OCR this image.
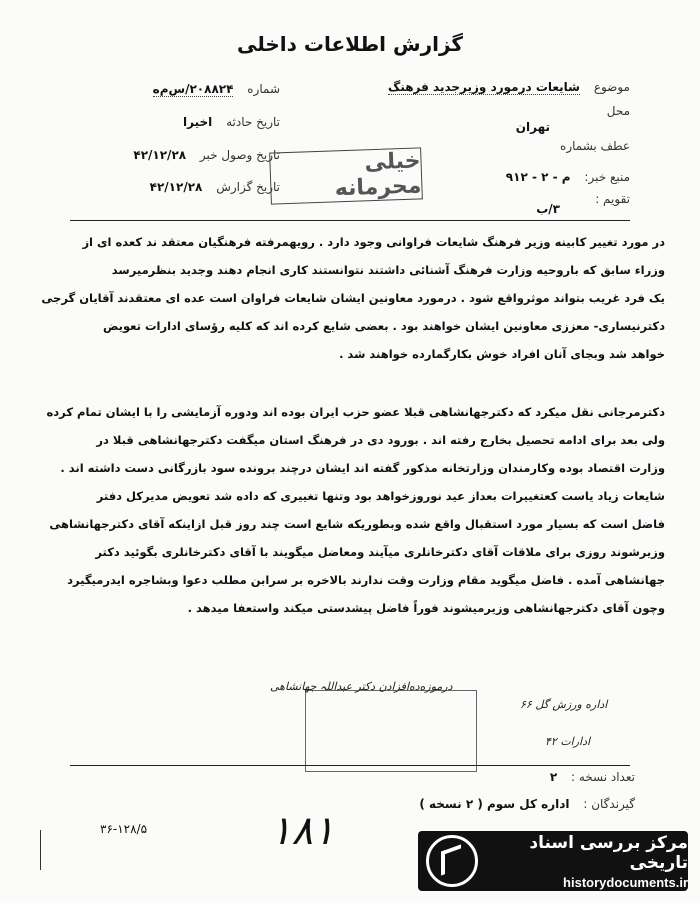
گزارش اطلاعات داخلی
موضوع شایعات درمورد وزیرجدید فرهنگ
محل
تهران
عطف بشماره
منبع خبر: م - ۲ - ۹۱۲
تقویم :
۳/ب
شماره ۲۰۸۸۲۴/س‌م‌ه
تاریخ حادثه اخیرا
تاریخ وصول خبر ۴۲/۱۲/۲۸
تاریخ گزارش ۴۲/۱۲/۲۸
خیلی محرمانه

در مورد تغییر کابینه وزیر فرهنگ شایعات فراوانی وجود دارد . رویهمرفته فرهنگیان معتقد ند کعده ای از

وزراء سابق که باروحیه وزارت فرهنگ آشنائی داشتند نتوانستند کاری انجام دهند وجدید بنظرمیرسد

یک فرد غریب بتواند موثرواقع شود . درمورد معاونین ایشان شایعات فراوان است عده ای معتقدند آقایان گرجی

دکترنیساری- معززی معاونین ایشان خواهند بود . بعضی شایع کرده اند که کلیه رؤسای ادارات تعویض

خواهد شد وبجای آنان افراد خوش بکارگمارده خواهند شد .

دکترمرجانی نقل میکرد که دکترجهانشاهی قبلا عضو حزب ایران بوده اند ودوره آزمایشی را با ایشان تمام کرده

ولی بعد برای ادامه تحصیل بخارج رفته اند . بورود دی در فرهنگ استان میگفت دکترجهانشاهی قبلا در

وزارت اقتصاد بوده وکارمندان وزارتخانه مذکور گفته اند ایشان درچند برونده سود بازرگانی دست داشته اند .

شایعات زیاد یاست کعتغییرات بعداز عید نوروزخواهد بود وتنها تغییری که داده شد تعویض مدیرکل دفتر

فاضل است که بسیار مورد استقبال واقع شده وبطوریکه شایع است چند روز قبل ازاینکه آقای دکترجهانشاهی

وزیرشوند روزی برای ملاقات آقای دکترخانلری میآیند ومعاضل میگویند با آقای دکترخانلری بگوئید دکتر

جهانشاهی آمده . فاضل میگوید مقام وزارت وقت ندارند بالاخره بر سرابن مطلب دعوا وبشاجره ایدرمیگیرد

وچون آقای دکترجهانشاهی وزیرمیشوند فوراً فاضل پیشدستی میکند واستعفا میدهد .

درموزه‌ده‌افزادن دکتر عبداللہ جهانشاهی
اداره ورزش گل ۶۶
ادارات ۴۲
تعداد نسخه : ۲
گیرندگان : اداره کل سوم ( ۲ نسخه )
۳۶-۱۲۸/۵	۱۸۱	مرکز بررسی اسناد تاریخی
historydocuments.ir
